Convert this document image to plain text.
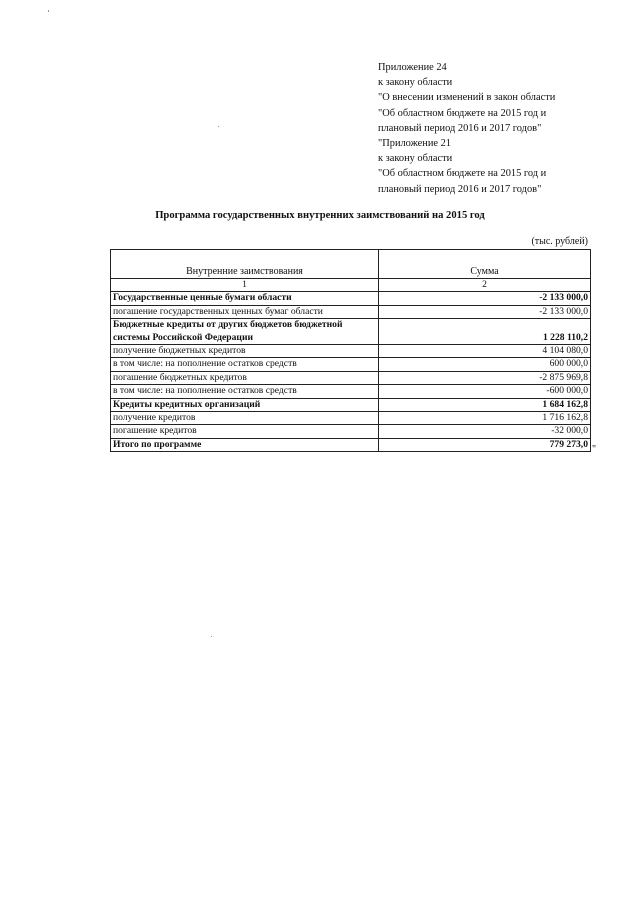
Приложение 24
к закону области
"О внесении изменений в закон области
"Об областном бюджете на 2015 год и
плановый период 2016 и 2017 годов"
"Приложение 21
к закону области
"Об областном бюджете на 2015 год и
плановый период 2016 и 2017 годов"
Программа государственных внутренних заимствований на 2015 год
(тыс. рублей)
Внутренние заимствования	Сумма
1	2
Государственные ценные бумаги области	-2 133 000,0
погашение государственных ценных бумаг области	-2 133 000,0
Бюджетные кредиты от других бюджетов бюджетной системы Российской Федерации	1 228 110,2
получение бюджетных кредитов	4 104 080,0
в том числе: на пополнение остатков средств	600 000,0
погашение бюджетных кредитов	-2 875 969,8
в том числе: на пополнение остатков средств	-600 000,0
Кредиты кредитных организаций	1 684 162,8
получение кредитов	1 716 162,8
погашение кредитов	-32 000,0
Итого по программе	779 273,0 "
